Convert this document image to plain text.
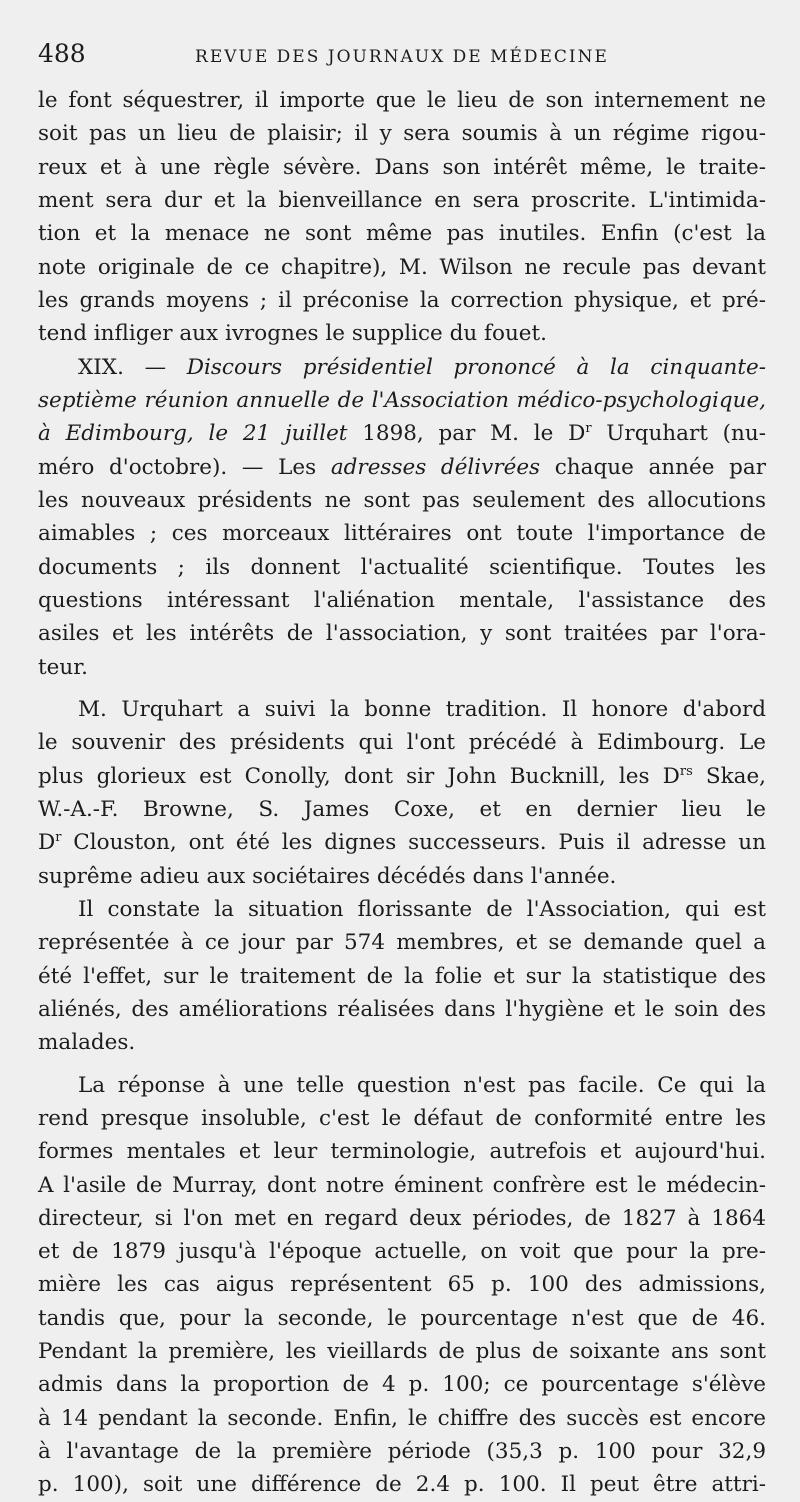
488	REVUE DES JOURNAUX DE MÉDECINE
le font séquestrer, il importe que le lieu de son internement ne
soit pas un lieu de plaisir; il y sera soumis à un régime rigou-
reux et à une règle sévère. Dans son intérêt même, le traite-
ment sera dur et la bienveillance en sera proscrite. L'intimida-
tion et la menace ne sont même pas inutiles. Enfin (c'est la
note originale de ce chapitre), M. Wilson ne recule pas devant
les grands moyens ; il préconise la correction physique, et pré-
tend infliger aux ivrognes le supplice du fouet.
XIX. — Discours présidentiel prononcé à la cinquante-
septième réunion annuelle de l'Association médico-psychologique,
à Edimbourg, le 21 juillet 1898, par M. le $D^r$ Urquhart (nu-
méro d'octobre). — Les adresses délivrées chaque année par
les nouveaux présidents ne sont pas seulement des allocutions
aimables ; ces morceaux littéraires ont toute l'importance de
documents ; ils donnent l'actualité scientifique. Toutes les
questions intéressant l'aliénation mentale, l'assistance des
asiles et les intérêts de l'association, y sont traitées par l'ora-
teur.
M. Urquhart a suivi la bonne tradition. Il honore d'abord
le souvenir des présidents qui l'ont précédé à Edimbourg. Le
plus glorieux est Conolly, dont sir John Bucknill, les $D^{rs}$ Skae,
W.-A.-F. Browne, S. James Coxe, et en dernier lieu le
$D^r$ Clouston, ont été les dignes successeurs. Puis il adresse un
suprême adieu aux sociétaires décédés dans l'année.
Il constate la situation florissante de l'Association, qui est
représentée à ce jour par 574 membres, et se demande quel a
été l'effet, sur le traitement de la folie et sur la statistique des
aliénés, des améliorations réalisées dans l'hygiène et le soin des
malades.
La réponse à une telle question n'est pas facile. Ce qui la
rend presque insoluble, c'est le défaut de conformité entre les
formes mentales et leur terminologie, autrefois et aujourd'hui.
A l'asile de Murray, dont notre éminent confrère est le médecin-
directeur, si l'on met en regard deux périodes, de 1827 à 1864
et de 1879 jusqu'à l'époque actuelle, on voit que pour la pre-
mière les cas aigus représentent 65 p. 100 des admissions,
tandis que, pour la seconde, le pourcentage n'est que de 46.
Pendant la première, les vieillards de plus de soixante ans sont
admis dans la proportion de 4 p. 100; ce pourcentage s'élève
à 14 pendant la seconde. Enfin, le chiffre des succès est encore
à l'avantage de la première période (35,3 p. 100 pour 32,9
p. 100), soit une différence de 2.4 p. 100. Il peut être attri-
